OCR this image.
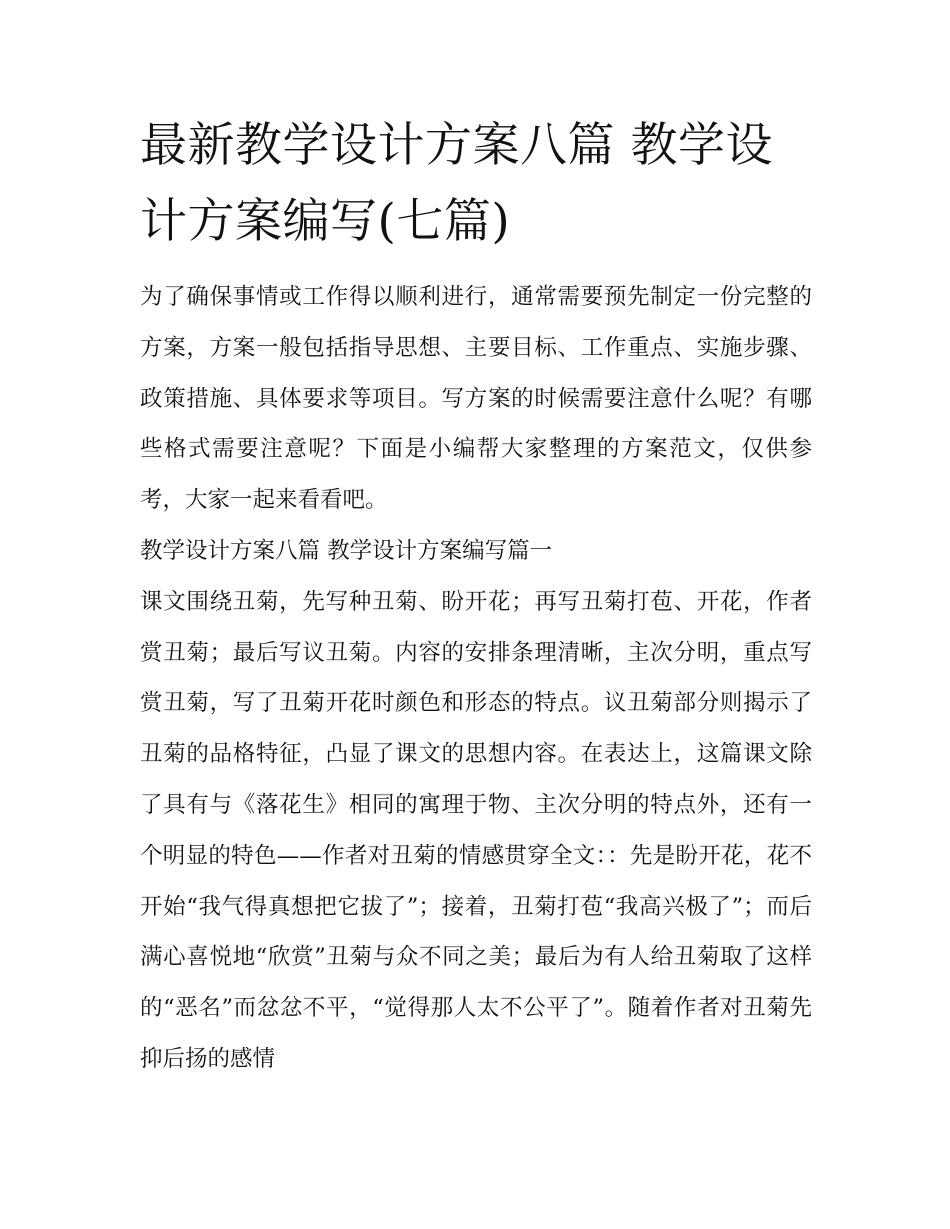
最新教学设计方案八篇 教学设计方案编写(七篇)

为了确保事情或工作得以顺利进行，通常需要预先制定一份完整的方案，方案一般包括指导思想、主要目标、工作重点、实施步骤、政策措施、具体要求等项目。写方案的时候需要注意什么呢？有哪些格式需要注意呢？下面是小编帮大家整理的方案范文，仅供参考，大家一起来看看吧。

教学设计方案八篇 教学设计方案编写篇一

课文围绕丑菊，先写种丑菊、盼开花；再写丑菊打苞、开花，作者赏丑菊；最后写议丑菊。内容的安排条理清晰，主次分明，重点写赏丑菊，写了丑菊开花时颜色和形态的特点。议丑菊部分则揭示了丑菊的品格特征，凸显了课文的思想内容。在表达上，这篇课文除了具有与《落花生》相同的寓理于物、主次分明的特点外，还有一个明显的特色——作者对丑菊的情感贯穿全文：：先是盼开花，花不开始“我气得真想把它拔了”；接着，丑菊打苞“我高兴极了”；而后满心喜悦地“欣赏”丑菊与众不同之美；最后为有人给丑菊取了这样的“恶名”而忿忿不平，“觉得那人太不公平了”。随着作者对丑菊先抑后扬的感情
